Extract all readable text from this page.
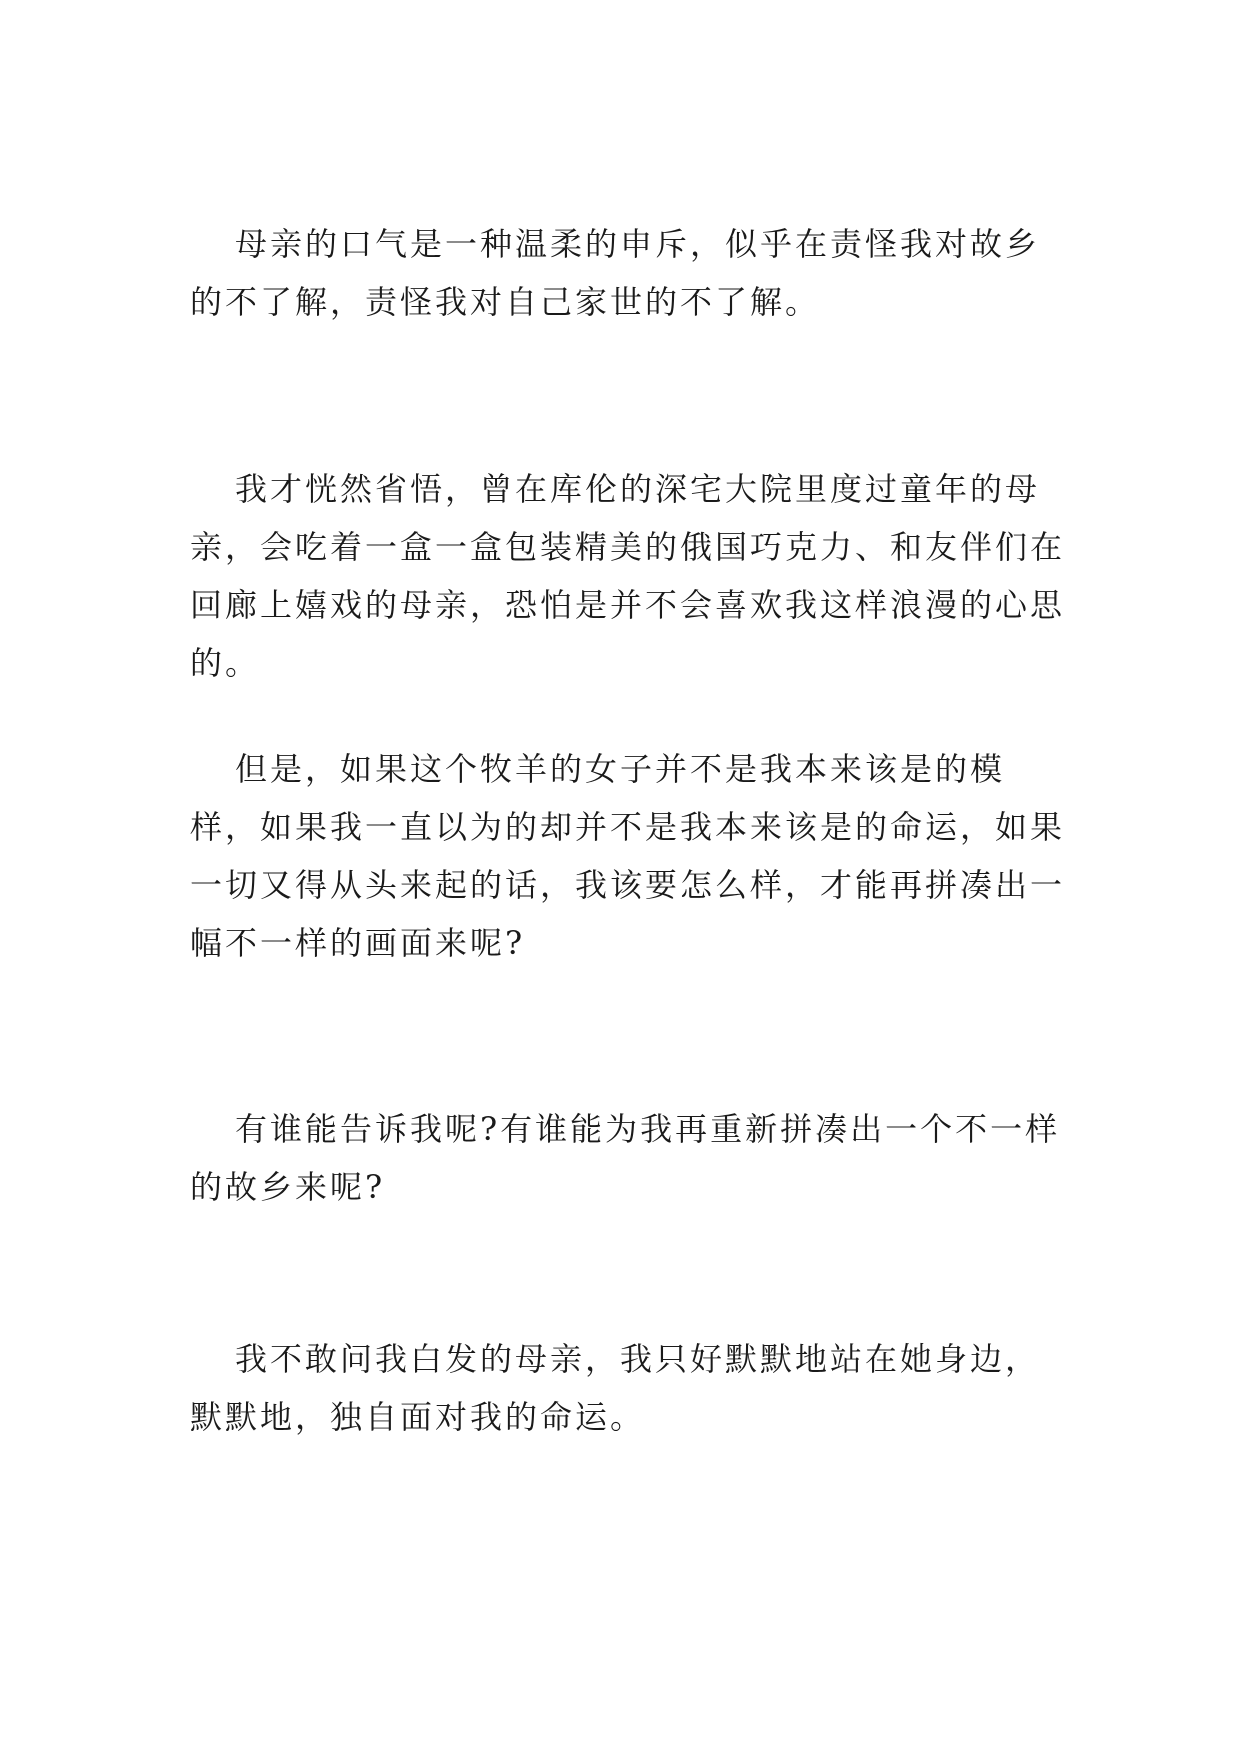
母亲的口气是一种温柔的申斥，似乎在责怪我对故乡的不了解，责怪我对自己家世的不了解。

我才恍然省悟，曾在库伦的深宅大院里度过童年的母亲，会吃着一盒一盒包装精美的俄国巧克力、和友伴们在回廊上嬉戏的母亲，恐怕是并不会喜欢我这样浪漫的心思的。

但是，如果这个牧羊的女子并不是我本来该是的模样，如果我一直以为的却并不是我本来该是的命运，如果一切又得从头来起的话，我该要怎么样，才能再拼凑出一幅不一样的画面来呢?

有谁能告诉我呢?有谁能为我再重新拼凑出一个不一样的故乡来呢?

我不敢问我白发的母亲，我只好默默地站在她身边，默默地，独自面对我的命运。
